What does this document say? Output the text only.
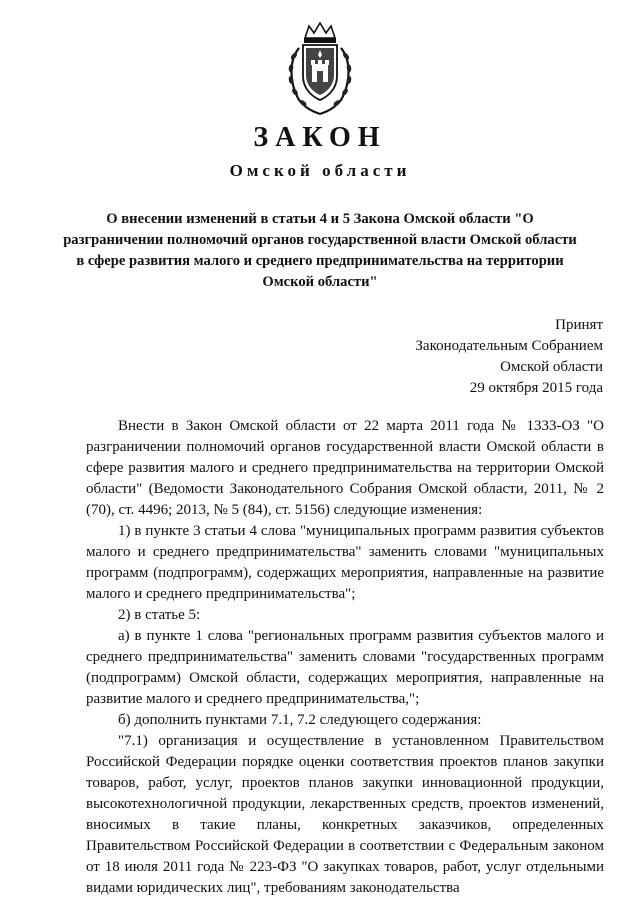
ЗАКОН
Омской области

О внесении изменений в статьи 4 и 5 Закона Омской области "О разграничении полномочий органов государственной власти Омской области в сфере развития малого и среднего предпринимательства на территории Омской области"

Принят
Законодательным Собранием
Омской области
29 октября 2015 года

Внести в Закон Омской области от 22 марта 2011 года № 1333-ОЗ "О разграничении полномочий органов государственной власти Омской области в сфере развития малого и среднего предпринимательства на территории Омской области" (Ведомости Законодательного Собрания Омской области, 2011, № 2 (70), ст. 4496; 2013, № 5 (84), ст. 5156) следующие изменения:

1) в пункте 3 статьи 4 слова "муниципальных программ развития субъектов малого и среднего предпринимательства" заменить словами "муниципальных программ (подпрограмм), содержащих мероприятия, направленные на развитие малого и среднего предпринимательства";

2) в статье 5:

а) в пункте 1 слова "региональных программ развития субъектов малого и среднего предпринимательства" заменить словами "государственных программ (подпрограмм) Омской области, содержащих мероприятия, направленные на развитие малого и среднего предпринимательства,";

б) дополнить пунктами 7.1, 7.2 следующего содержания:

"7.1) организация и осуществление в установленном Правительством Российской Федерации порядке оценки соответствия проектов планов закупки товаров, работ, услуг, проектов планов закупки инновационной продукции, высокотехнологичной продукции, лекарственных средств, проектов изменений, вносимых в такие планы, конкретных заказчиков, определенных Правительством Российской Федерации в соответствии с Федеральным законом от 18 июля 2011 года № 223-ФЗ "О закупках товаров, работ, услуг отдельными видами юридических лиц", требованиям законодательства
